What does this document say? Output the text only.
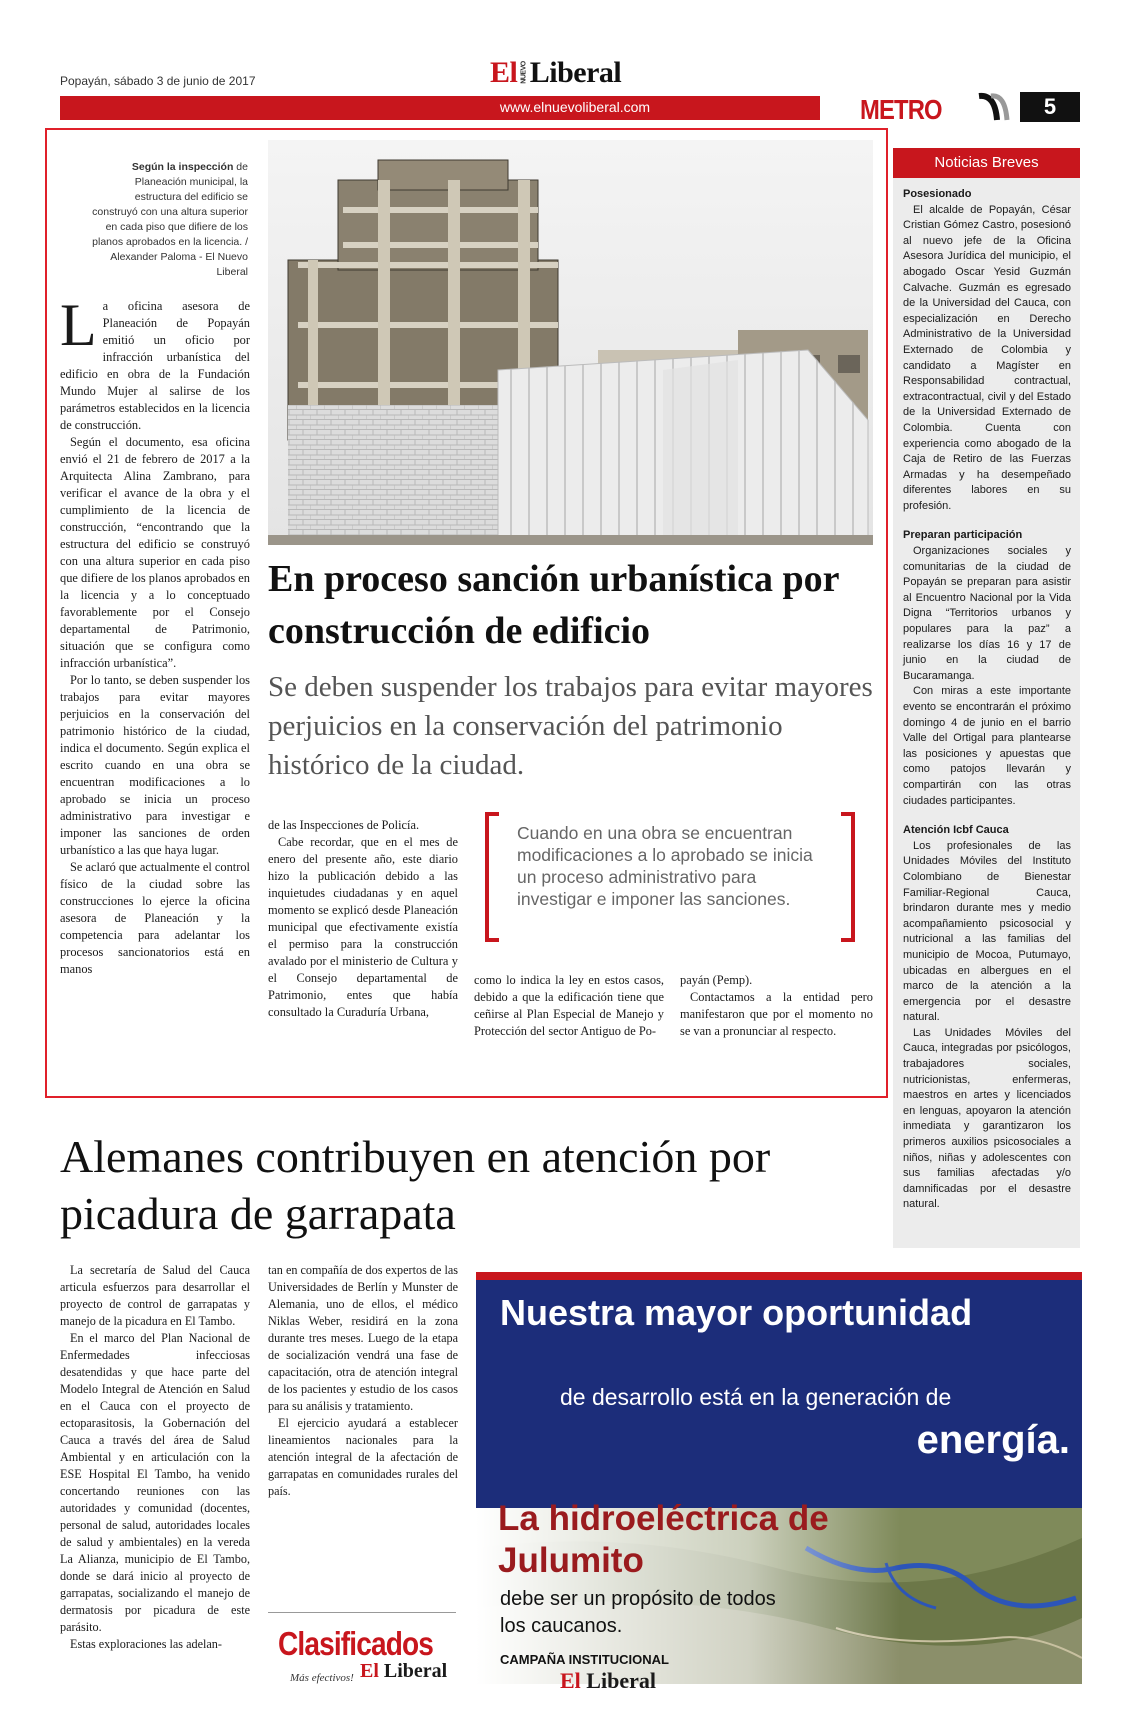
Popayán, sábado 3 de junio de 2017	El NUEVOLiberal
www.elnuevoliberal.com	METRO	5
Según la inspección de Planeación municipal, la estructura del edificio se construyó con una altura superior en cada piso que difiere de los planos aprobados en la licencia. / Alexander Paloma - El Nuevo Liberal
En proceso sanción urbanística por construcción de edificio
Se deben suspender los trabajos para evitar mayores perjuicios en la conservación del patrimonio histórico de la ciudad.
L a oficina asesora de Planeación de Popayán emitió un oficio por infracción urbanística del edificio en obra de la Fundación Mundo Mujer al salirse de los parámetros establecidos en la licencia de construcción.

Según el documento, esa oficina envió el 21 de febrero de 2017 a la Arquitecta Alina Zambrano, para verificar el avance de la obra y el cumplimiento de la licencia de construcción, “encontrando que la estructura del edificio se construyó con una altura superior en cada piso que difiere de los planos aprobados en la licencia y a lo conceptuado favorablemente por el Consejo departamental de Patrimonio, situación que se configura como infracción urbanística”.

Por lo tanto, se deben suspender los trabajos para evitar mayores perjuicios en la conservación del patrimonio histórico de la ciudad, indica el documento. Según explica el escrito cuando en una obra se encuentran modificaciones a lo aprobado se inicia un proceso administrativo para investigar e imponer las sanciones de orden urbanístico a las que haya lugar.

Se aclaró que actualmente el control físico de la ciudad sobre las construcciones lo ejerce la oficina asesora de Planeación y la competencia para adelantar los procesos sancionatorios está en manos

de las Inspecciones de Policía.

Cabe recordar, que en el mes de enero del presente año, este diario hizo la publicación debido a las inquietudes ciudadanas y en aquel momento se explicó desde Planeación municipal que efectivamente existía el permiso para la construcción avalado por el ministerio de Cultura y el Consejo departamental de Patrimonio, entes que había consultado la Curaduría Urbana,

Cuando en una obra se encuentran modificaciones a lo aprobado se inicia un proceso administrativo para investigar e imponer las sanciones.

como lo indica la ley en estos casos, debido a que la edificación tiene que ceñirse al Plan Especial de Manejo y Protección del sector Antiguo de Po-

payán (Pemp).

Contactamos a la entidad pero manifestaron que por el momento no se van a pronunciar al respecto.

Noticias Breves
Posesionado

El alcalde de Popayán, César Cristian Gómez Castro, posesionó al nuevo jefe de la Oficina Asesora Jurídica del municipio, el abogado Oscar Yesid Guzmán Calvache. Guzmán es egresado de la Universidad del Cauca, con especialización en Derecho Administrativo de la Universidad Externado de Colombia y candidato a Magíster en Responsabilidad contractual, extracontractual, civil y del Estado de la Universidad Externado de Colombia. Cuenta con experiencia como abogado de la Caja de Retiro de las Fuerzas Armadas y ha desempeñado diferentes labores en su profesión.

Preparan participación

Organizaciones sociales y comunitarias de la ciudad de Popayán se preparan para asistir al Encuentro Nacional por la Vida Digna “Territorios urbanos y populares para la paz” a realizarse los días 16 y 17 de junio en la ciudad de Bucaramanga.

Con miras a este importante evento se encontrarán el próximo domingo 4 de junio en el barrio Valle del Ortigal para plantearse las posiciones y apuestas que como patojos llevarán y compartirán con las otras ciudades participantes.

Atención Icbf Cauca

Los profesionales de las Unidades Móviles del Instituto Colombiano de Bienestar Familiar-Regional Cauca, brindaron durante mes y medio acompañamiento psicosocial y nutricional a las familias del municipio de Mocoa, Putumayo, ubicadas en albergues en el marco de la atención a la emergencia por el desastre natural.

Las Unidades Móviles del Cauca, integradas por psicólogos, trabajadores sociales, nutricionistas, enfermeras, maestros en artes y licenciados en lenguas, apoyaron la atención inmediata y garantizaron los primeros auxilios psicosociales a niños, niñas y adolescentes con sus familias afectadas y/o damnificadas por el desastre natural.

Alemanes contribuyen en atención por picadura de garrapata

La secretaría de Salud del Cauca articula esfuerzos para desarrollar el proyecto de control de garrapatas y manejo de la picadura en El Tambo.

En el marco del Plan Nacional de Enfermedades infecciosas desatendidas y que hace parte del Modelo Integral de Atención en Salud en el Cauca con el proyecto de ectoparasitosis, la Gobernación del Cauca a través del área de Salud Ambiental y en articulación con la ESE Hospital El Tambo, ha venido concertando reuniones con las autoridades y comunidad (docentes, personal de salud, autoridades locales de salud y ambientales) en la vereda La Alianza, municipio de El Tambo, donde se dará inicio al proyecto de garrapatas, socializando el manejo de dermatosis por picadura de este parásito.

Estas exploraciones las adelan-

tan en compañía de dos expertos de las Universidades de Berlín y Munster de Alemania, uno de ellos, el médico Niklas Weber, residirá en la zona durante tres meses. Luego de la etapa de socialización vendrá una fase de capacitación, otra de atención integral de los pacientes y estudio de los casos para su análisis y tratamiento.

El ejercicio ayudará a establecer lineamientos nacionales para la atención integral de la afectación de garrapatas en comunidades rurales del país.

Clasificados
Más efectivos! El Liberal
Nuestra mayor oportunidad
de desarrollo está en la generación de
energía.
La hidroeléctrica de Julumito
debe ser un propósito de todos los caucanos.
CAMPAÑA INSTITUCIONAL
El Liberal
